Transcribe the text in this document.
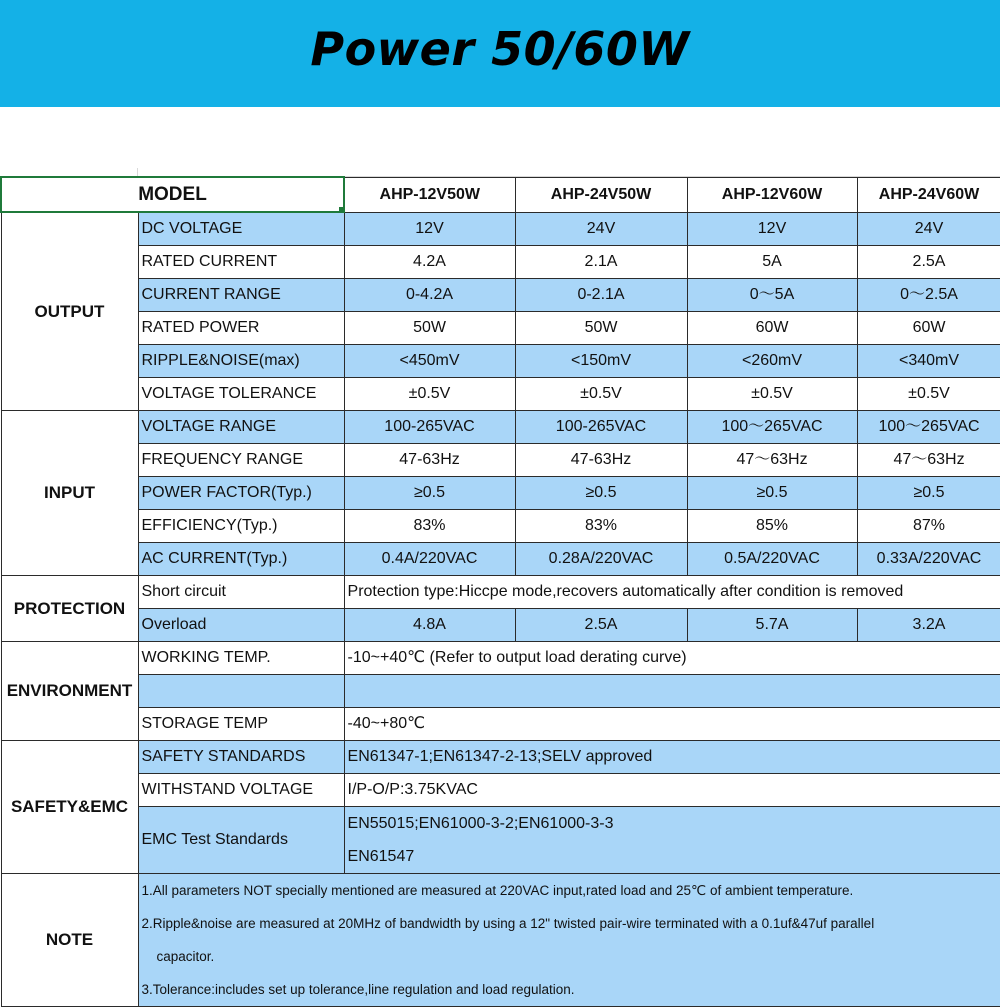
Power 50/60W
MODEL		AHP-12V50W	AHP-24V50W	AHP-12V60W	AHP-24V60W
OUTPUT	DC VOLTAGE	12V	24V	12V	24V
	RATED CURRENT	4.2A	2.1A	5A	2.5A
	CURRENT RANGE	0-4.2A	0-2.1A	0～5A	0～2.5A
	RATED POWER	50W	50W	60W	60W
	RIPPLE&NOISE(max)	<450mV	<150mV	<260mV	<340mV
	VOLTAGE TOLERANCE	±0.5V	±0.5V	±0.5V	±0.5V
INPUT	VOLTAGE RANGE	100-265VAC	100-265VAC	100～265VAC	100～265VAC
	FREQUENCY RANGE	47-63Hz	47-63Hz	47～63Hz	47～63Hz
	POWER FACTOR(Typ.)	≥0.5	≥0.5	≥0.5	≥0.5
	EFFICIENCY(Typ.)	83%	83%	85%	87%
	AC CURRENT(Typ.)	0.4A/220VAC	0.28A/220VAC	0.5A/220VAC	0.33A/220VAC
PROTECTION	Short circuit	Protection type:Hiccpe mode,recovers automatically after condition is removed			
	Overload	4.8A	2.5A	5.7A	3.2A
ENVIRONMENT	WORKING TEMP.	-10~+40℃ (Refer to output load derating curve)			

	STORAGE TEMP	-40~+80℃			
SAFETY&EMC	SAFETY STANDARDS	EN61347-1;EN61347-2-13;SELV approved			
	WITHSTAND VOLTAGE	I/P-O/P:3.75KVAC			
	EMC Test Standards	EN55015;EN61000-3-2;EN61000-3-3
EN61547			

NOTE	1.All parameters NOT specially mentioned are measured at 220VAC input,rated load and 25℃ of ambient temperature.
2.Ripple&noise are measured at 20MHz of bandwidth by using a 12" twisted pair-wire terminated with a 0.1uf&47uf parallel
capacitor.
3.Tolerance:includes set up tolerance,line regulation and load regulation.				
